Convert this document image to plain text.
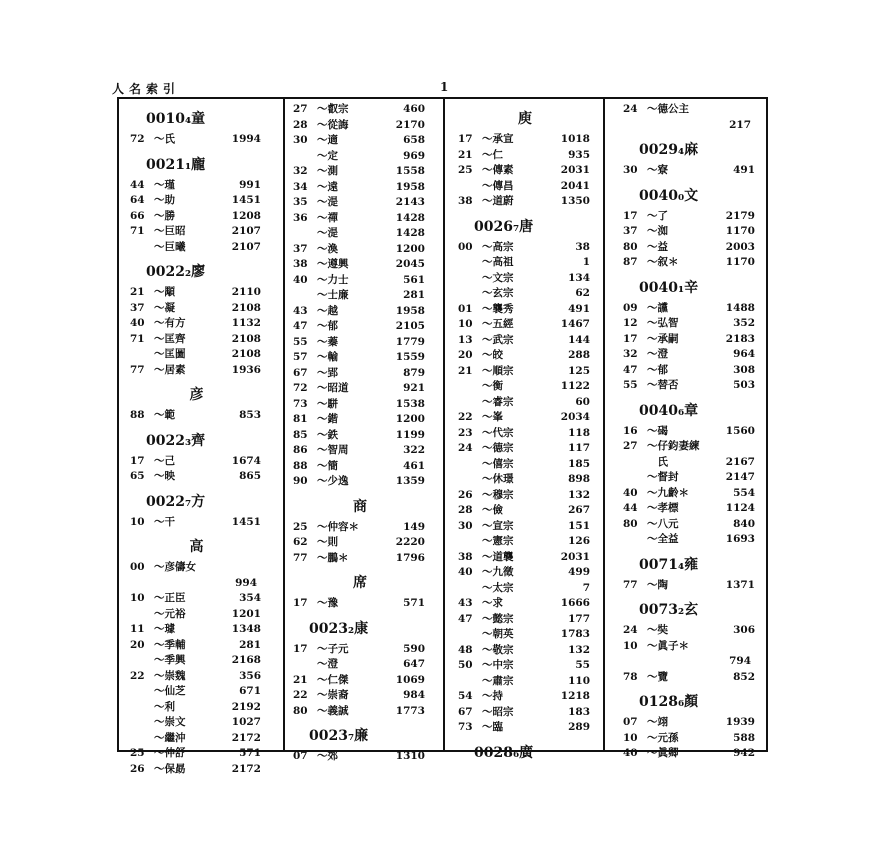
人名索引	1
0010₄童
72 ～氏	1994
0021₁龐
44 ～瑾	991
64 ～助	1451
66 ～勝	1208
71 ～巨昭	2107
～巨曦	2107
0022₂廖
21 ～顒	2110
37 ～凝	2108
40 ～有方	1132
71 ～匡齊	2108
～匡圖	2108
77 ～居素	1936
彦
88 ～範	853
0022₃齊
17 ～己	1674
65 ～映	865
0022₇方
10 ～干	1451
高
00 ～彦儔女
994
10 ～正臣	354
～元裕	1201
11 ～璩	1348
20 ～季輔	281
～季興	2168
22 ～崇魏	356
～仙芝	671
～利	2192
～崇文	1027
～繼沖	2172
25 ～仲舒	571
26 ～保勗	2172
27 ～叡宗	460
28 ～從誨	2170
30 ～適	658
～定	969
32 ～測	1558
34 ～遠	1958
35 ～湜	2143
36 ～禪	1428
～湜	1428
37 ～渙	1200
38 ～遵興	2045
40 ～力士	561
～士廉	281
43 ～越	1958
47 ～郁	2105
55 ～蓁	1779
57 ～輸	1559
67 ～郢	879
72 ～昭道	921
73 ～駢	1538
81 ～鍇	1200
85 ～鉄	1199
86 ～智周	322
88 ～簡	461
90 ～少逸	1359
商
25 ～仲容＊	149
62 ～則	2220
77 ～鵬＊	1796
席
17 ～豫	571
0023₂康
17 ～子元	590
～澄	647
21 ～仁傑	1069
22 ～崇裔	984
80 ～義誠	1773
0023₇廉
07 ～郊	1310
庾
17 ～承宣	1018
21 ～仁	935
25 ～傳素	2031
～傳昌	2041
38 ～道蔚	1350
0026₇唐
00 ～高宗	38
～高祖	1
～文宗	134
～玄宗	62
01 ～襲秀	491
10 ～五經	1467
13 ～武宗	144
20 ～皎	288
21 ～順宗	125
～衡	1122
～睿宗	60
22 ～峯	2034
23 ～代宗	118
24 ～德宗	117
～僖宗	185
～休璟	898
26 ～穆宗	132
28 ～儉	267
30 ～宣宗	151
～憲宗	126
38 ～道襲	2031
40 ～九徵	499
～太宗	7
43 ～求	1666
47 ～懿宗	177
～朝英	1783
48 ～敬宗	132
50 ～中宗	55
～肅宗	110
54 ～持	1218
67 ～昭宗	183
73 ～臨	289
0028₆廣
24 ～德公主
217
0029₄麻
30 ～寮	491
0040₀文
17 ～了	2179
37 ～洳	1170
80 ～益	2003
87 ～叙＊	1170
0040₁辛
09 ～讜	1488
12 ～弘智	352
17 ～承嗣	2183
32 ～澄	964
47 ～郁	308
55 ～替否	503
0040₆章
16 ～碣	1560
27 ～仔鈞妻練
　氏	2167
～督封	2147
40 ～九齡＊	554
44 ～孝標	1124
80 ～八元	840
～全益	1693
0071₄雍
77 ～陶	1371
0073₂玄
24 ～奘	306
10 ～眞子＊
794
78 ～覽	852
0128₆顏
07 ～翊	1939
10 ～元孫	588
40 ～眞卿	942
